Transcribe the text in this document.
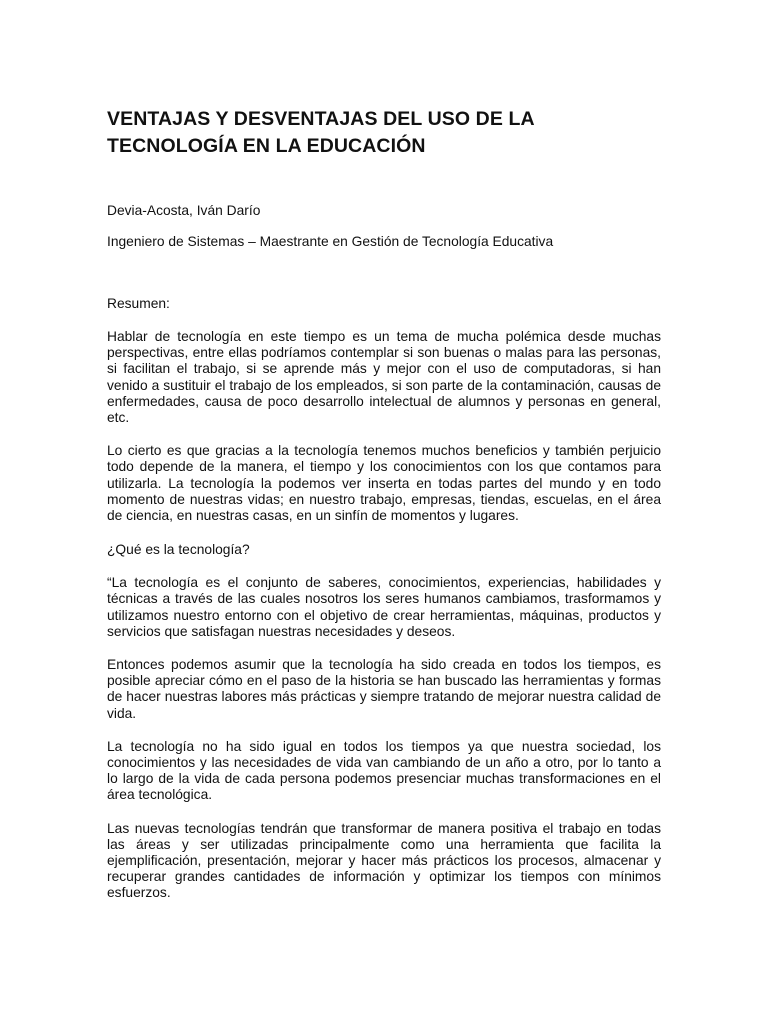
VENTAJAS Y DESVENTAJAS DEL USO DE LA TECNOLOGÍA EN LA EDUCACIÓN
Devia-Acosta, Iván Darío
Ingeniero de Sistemas – Maestrante en Gestión de Tecnología Educativa
Resumen:

Hablar de tecnología en este tiempo es un tema de mucha polémica desde muchas perspectivas, entre ellas podríamos contemplar si son buenas o malas para las personas, si facilitan el trabajo, si se aprende más y mejor con el uso de computadoras, si han venido a sustituir el trabajo de los empleados, si son parte de la contaminación, causas de enfermedades, causa de poco desarrollo intelectual de alumnos y personas en general, etc.

Lo cierto es que gracias a la tecnología tenemos muchos beneficios y también perjuicio todo depende de la manera, el tiempo y los conocimientos con los que contamos para utilizarla. La tecnología la podemos ver inserta en todas partes del mundo y en todo momento de nuestras vidas; en nuestro trabajo, empresas, tiendas, escuelas, en el área de ciencia, en nuestras casas, en un sinfín de momentos y lugares.

¿Qué es la tecnología?

“La tecnología es el conjunto de saberes, conocimientos, experiencias, habilidades y técnicas a través de las cuales nosotros los seres humanos cambiamos, trasformamos y utilizamos nuestro entorno con el objetivo de crear herramientas, máquinas, productos y servicios que satisfagan nuestras necesidades y deseos.

Entonces podemos asumir que la tecnología ha sido creada en todos los tiempos, es posible apreciar cómo en el paso de la historia se han buscado las herramientas y formas de hacer nuestras labores más prácticas y siempre tratando de mejorar nuestra calidad de vida.

La tecnología no ha sido igual en todos los tiempos ya que nuestra sociedad, los conocimientos y las necesidades de vida van cambiando de un año a otro, por lo tanto a lo largo de la vida de cada persona podemos presenciar muchas transformaciones en el área tecnológica.

Las nuevas tecnologías tendrán que transformar de manera positiva el trabajo en todas las áreas y ser utilizadas principalmente como una herramienta que facilita la ejemplificación, presentación, mejorar y hacer más prácticos los procesos, almacenar y recuperar grandes cantidades de información y optimizar los tiempos con mínimos esfuerzos.
